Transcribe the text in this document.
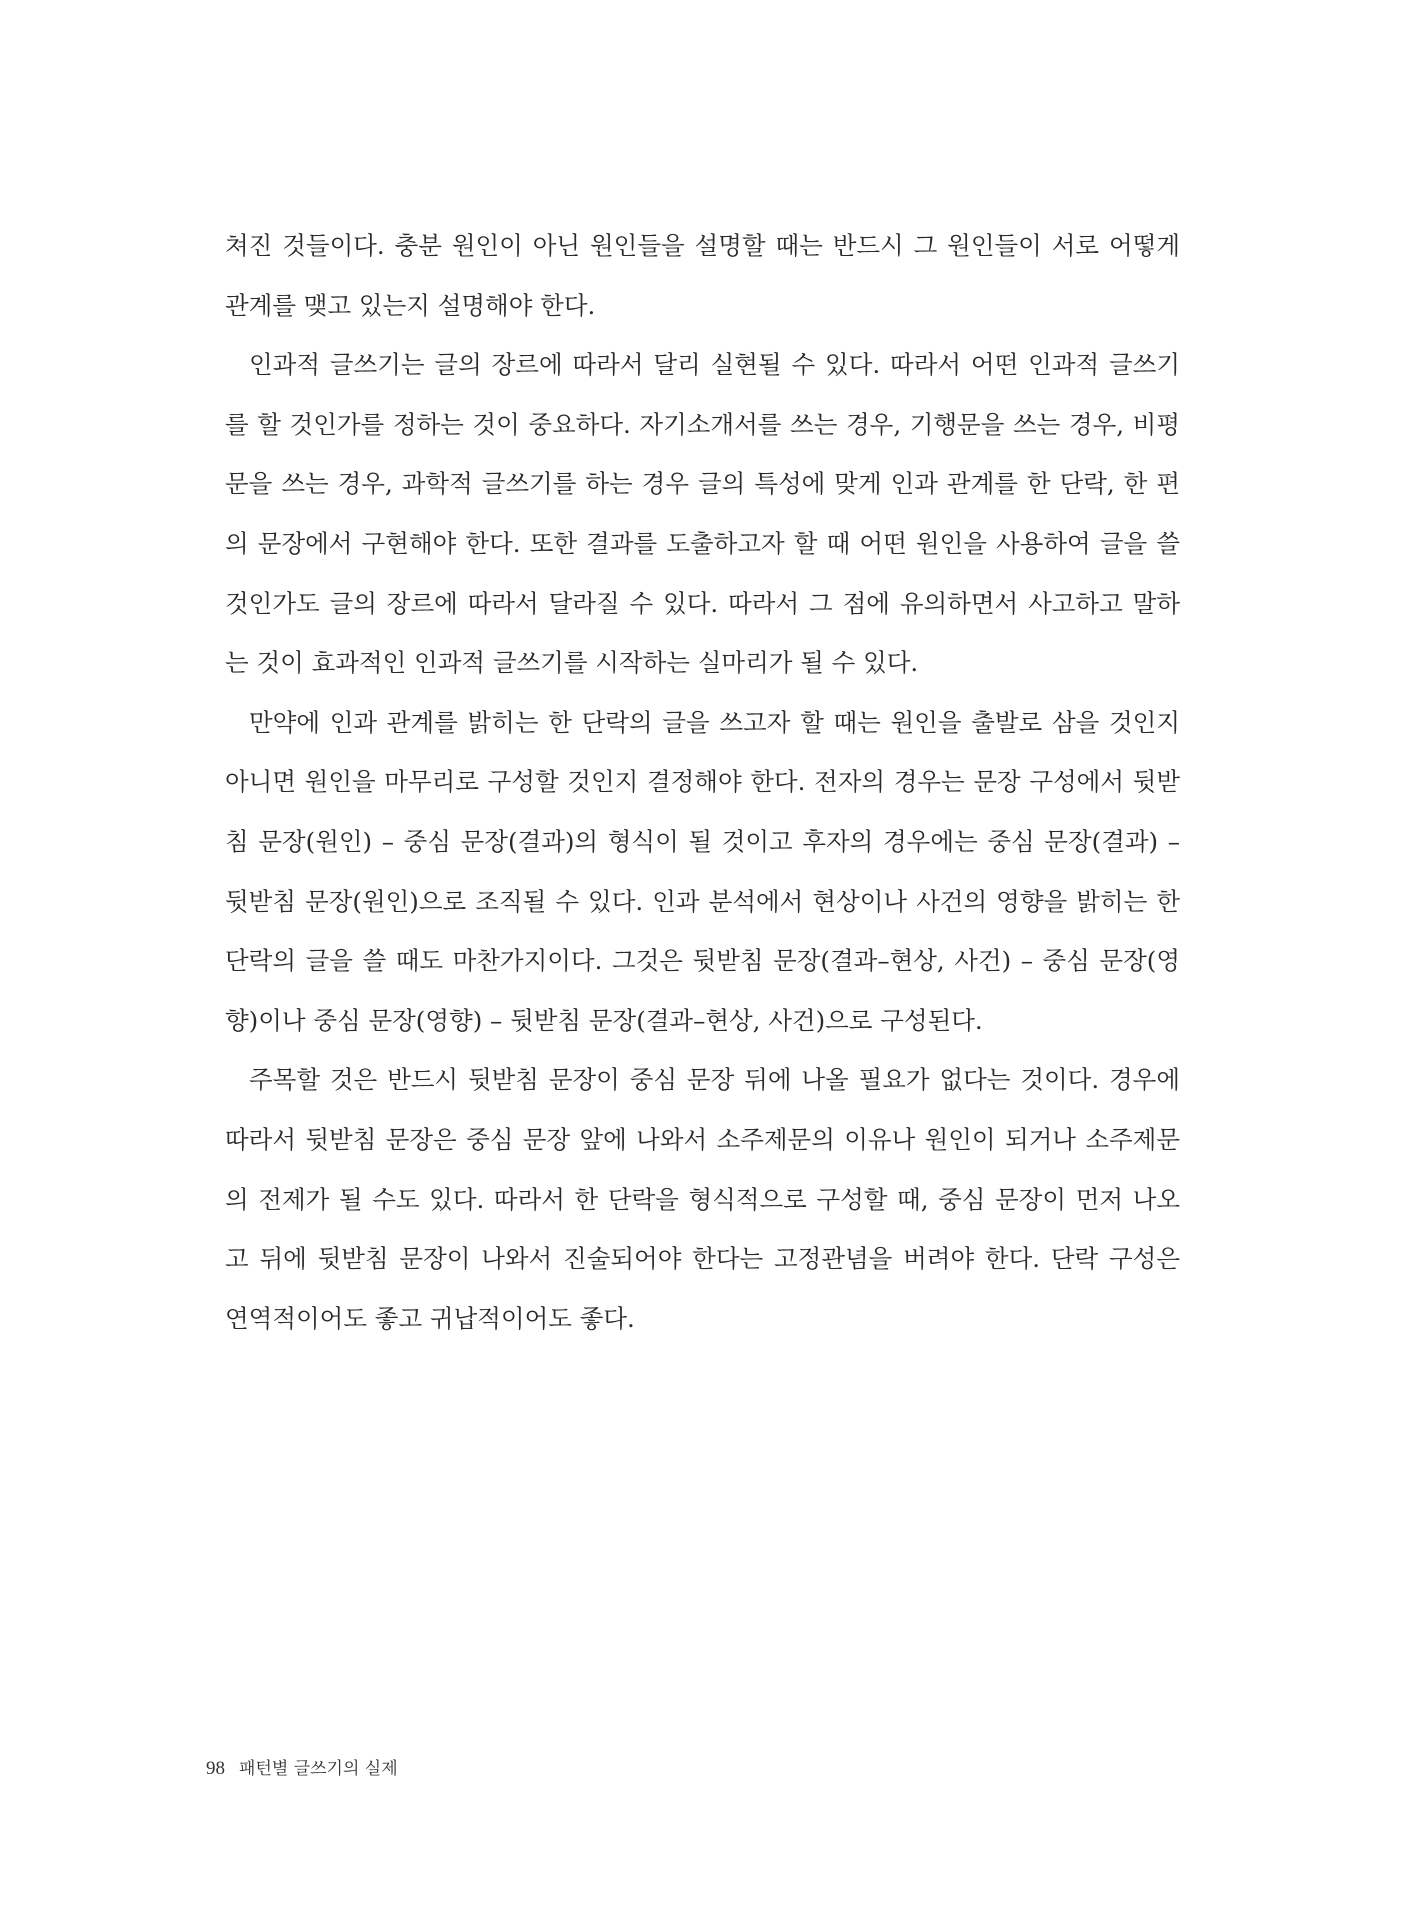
쳐진 것들이다. 충분 원인이 아닌 원인들을 설명할 때는 반드시 그 원인들이 서로 어떻게
관계를 맺고 있는지 설명해야 한다.
인과적 글쓰기는 글의 장르에 따라서 달리 실현될 수 있다. 따라서 어떤 인과적 글쓰기
를 할 것인가를 정하는 것이 중요하다. 자기소개서를 쓰는 경우, 기행문을 쓰는 경우, 비평
문을 쓰는 경우, 과학적 글쓰기를 하는 경우 글의 특성에 맞게 인과 관계를 한 단락, 한 편
의 문장에서 구현해야 한다. 또한 결과를 도출하고자 할 때 어떤 원인을 사용하여 글을 쓸
것인가도 글의 장르에 따라서 달라질 수 있다. 따라서 그 점에 유의하면서 사고하고 말하
는 것이 효과적인 인과적 글쓰기를 시작하는 실마리가 될 수 있다.
만약에 인과 관계를 밝히는 한 단락의 글을 쓰고자 할 때는 원인을 출발로 삼을 것인지
아니면 원인을 마무리로 구성할 것인지 결정해야 한다. 전자의 경우는 문장 구성에서 뒷받
침 문장(원인) – 중심 문장(결과)의 형식이 될 것이고 후자의 경우에는 중심 문장(결과) –
뒷받침 문장(원인)으로 조직될 수 있다. 인과 분석에서 현상이나 사건의 영향을 밝히는 한
단락의 글을 쓸 때도 마찬가지이다. 그것은 뒷받침 문장(결과–현상, 사건) – 중심 문장(영
향)이나 중심 문장(영향) – 뒷받침 문장(결과–현상, 사건)으로 구성된다.
주목할 것은 반드시 뒷받침 문장이 중심 문장 뒤에 나올 필요가 없다는 것이다. 경우에
따라서 뒷받침 문장은 중심 문장 앞에 나와서 소주제문의 이유나 원인이 되거나 소주제문
의 전제가 될 수도 있다. 따라서 한 단락을 형식적으로 구성할 때, 중심 문장이 먼저 나오
고 뒤에 뒷받침 문장이 나와서 진술되어야 한다는 고정관념을 버려야 한다. 단락 구성은
연역적이어도 좋고 귀납적이어도 좋다.
98 패턴별 글쓰기의 실제
